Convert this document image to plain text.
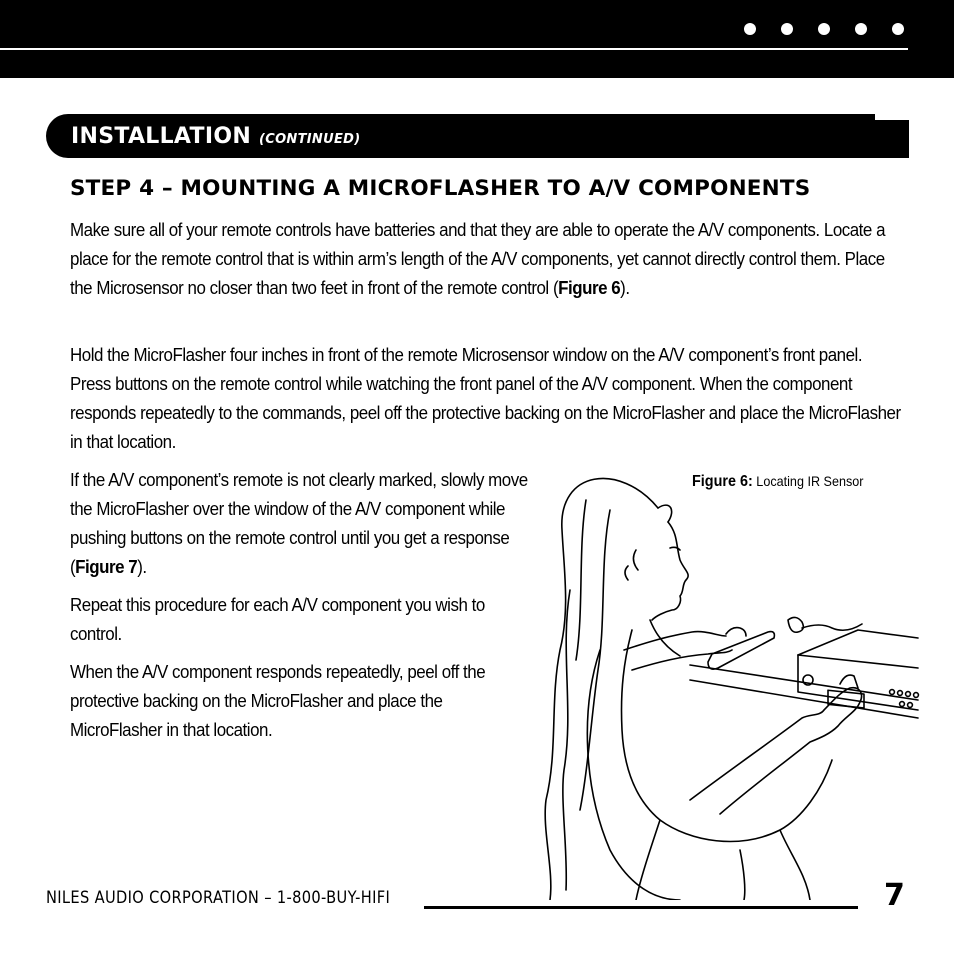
INSTALLATION (CONTINUED)
STEP 4 – MOUNTING A MICROFLASHER TO A/V COMPONENTS

Make sure all of your remote controls have batteries and that they are able to operate the A/V components. Locate a place for the remote control that is within arm’s length of the A/V components, yet cannot directly control them. Place the Microsensor no closer than two feet in front of the remote control (Figure 6).

Hold the MicroFlasher four inches in front of the remote Microsensor window on the A/V component’s front panel. Press buttons on the remote control while watching the front panel of the A/V component. When the component responds repeatedly to the commands, peel off the protective backing on the MicroFlasher and place the MicroFlasher in that location.

If the A/V component’s remote is not clearly marked, slowly move the MicroFlasher over the window of the A/V component while pushing buttons on the remote control until you get a response (Figure 7).

Repeat this procedure for each A/V component you wish to control.

When the A/V component responds repeatedly, peel off the protective backing on the MicroFlasher and place the MicroFlasher in that location.

Figure 6: Locating IR Sensor
NILES AUDIO CORPORATION – 1-800-BUY-HIFI	7
